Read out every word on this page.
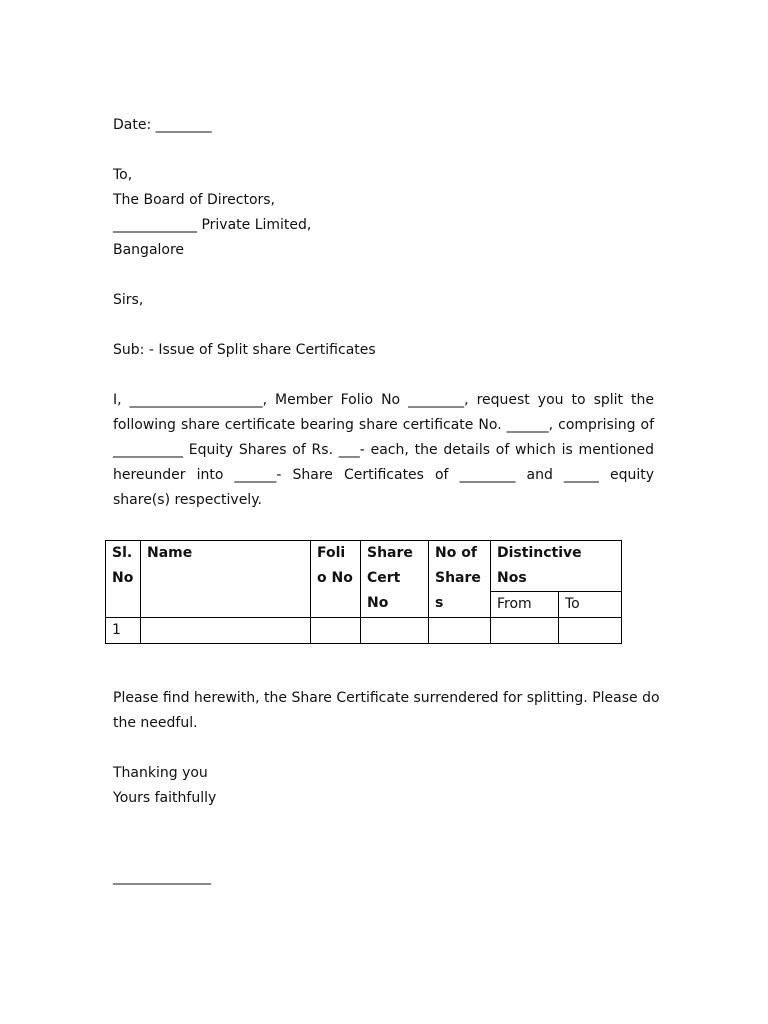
Date: ________
To,
The Board of Directors,
____________ Private Limited,
Bangalore
Sirs,
Sub: - Issue of Split share Certificates
I, ___________________, Member Folio No ________, request you to split the
following share certificate bearing share certificate No. ______, comprising of
__________ Equity Shares of Rs. ___- each, the details of which is mentioned
hereunder into ______- Share Certificates of ________ and _____ equity
share(s) respectively.
Sl. No	Name	Folio No	Share Cert No	No of Shares	Distinctive Nos	
					From	To
1						
Please find herewith, the Share Certificate surrendered for splitting. Please do
the needful.
Thanking you
Yours faithfully
______________
